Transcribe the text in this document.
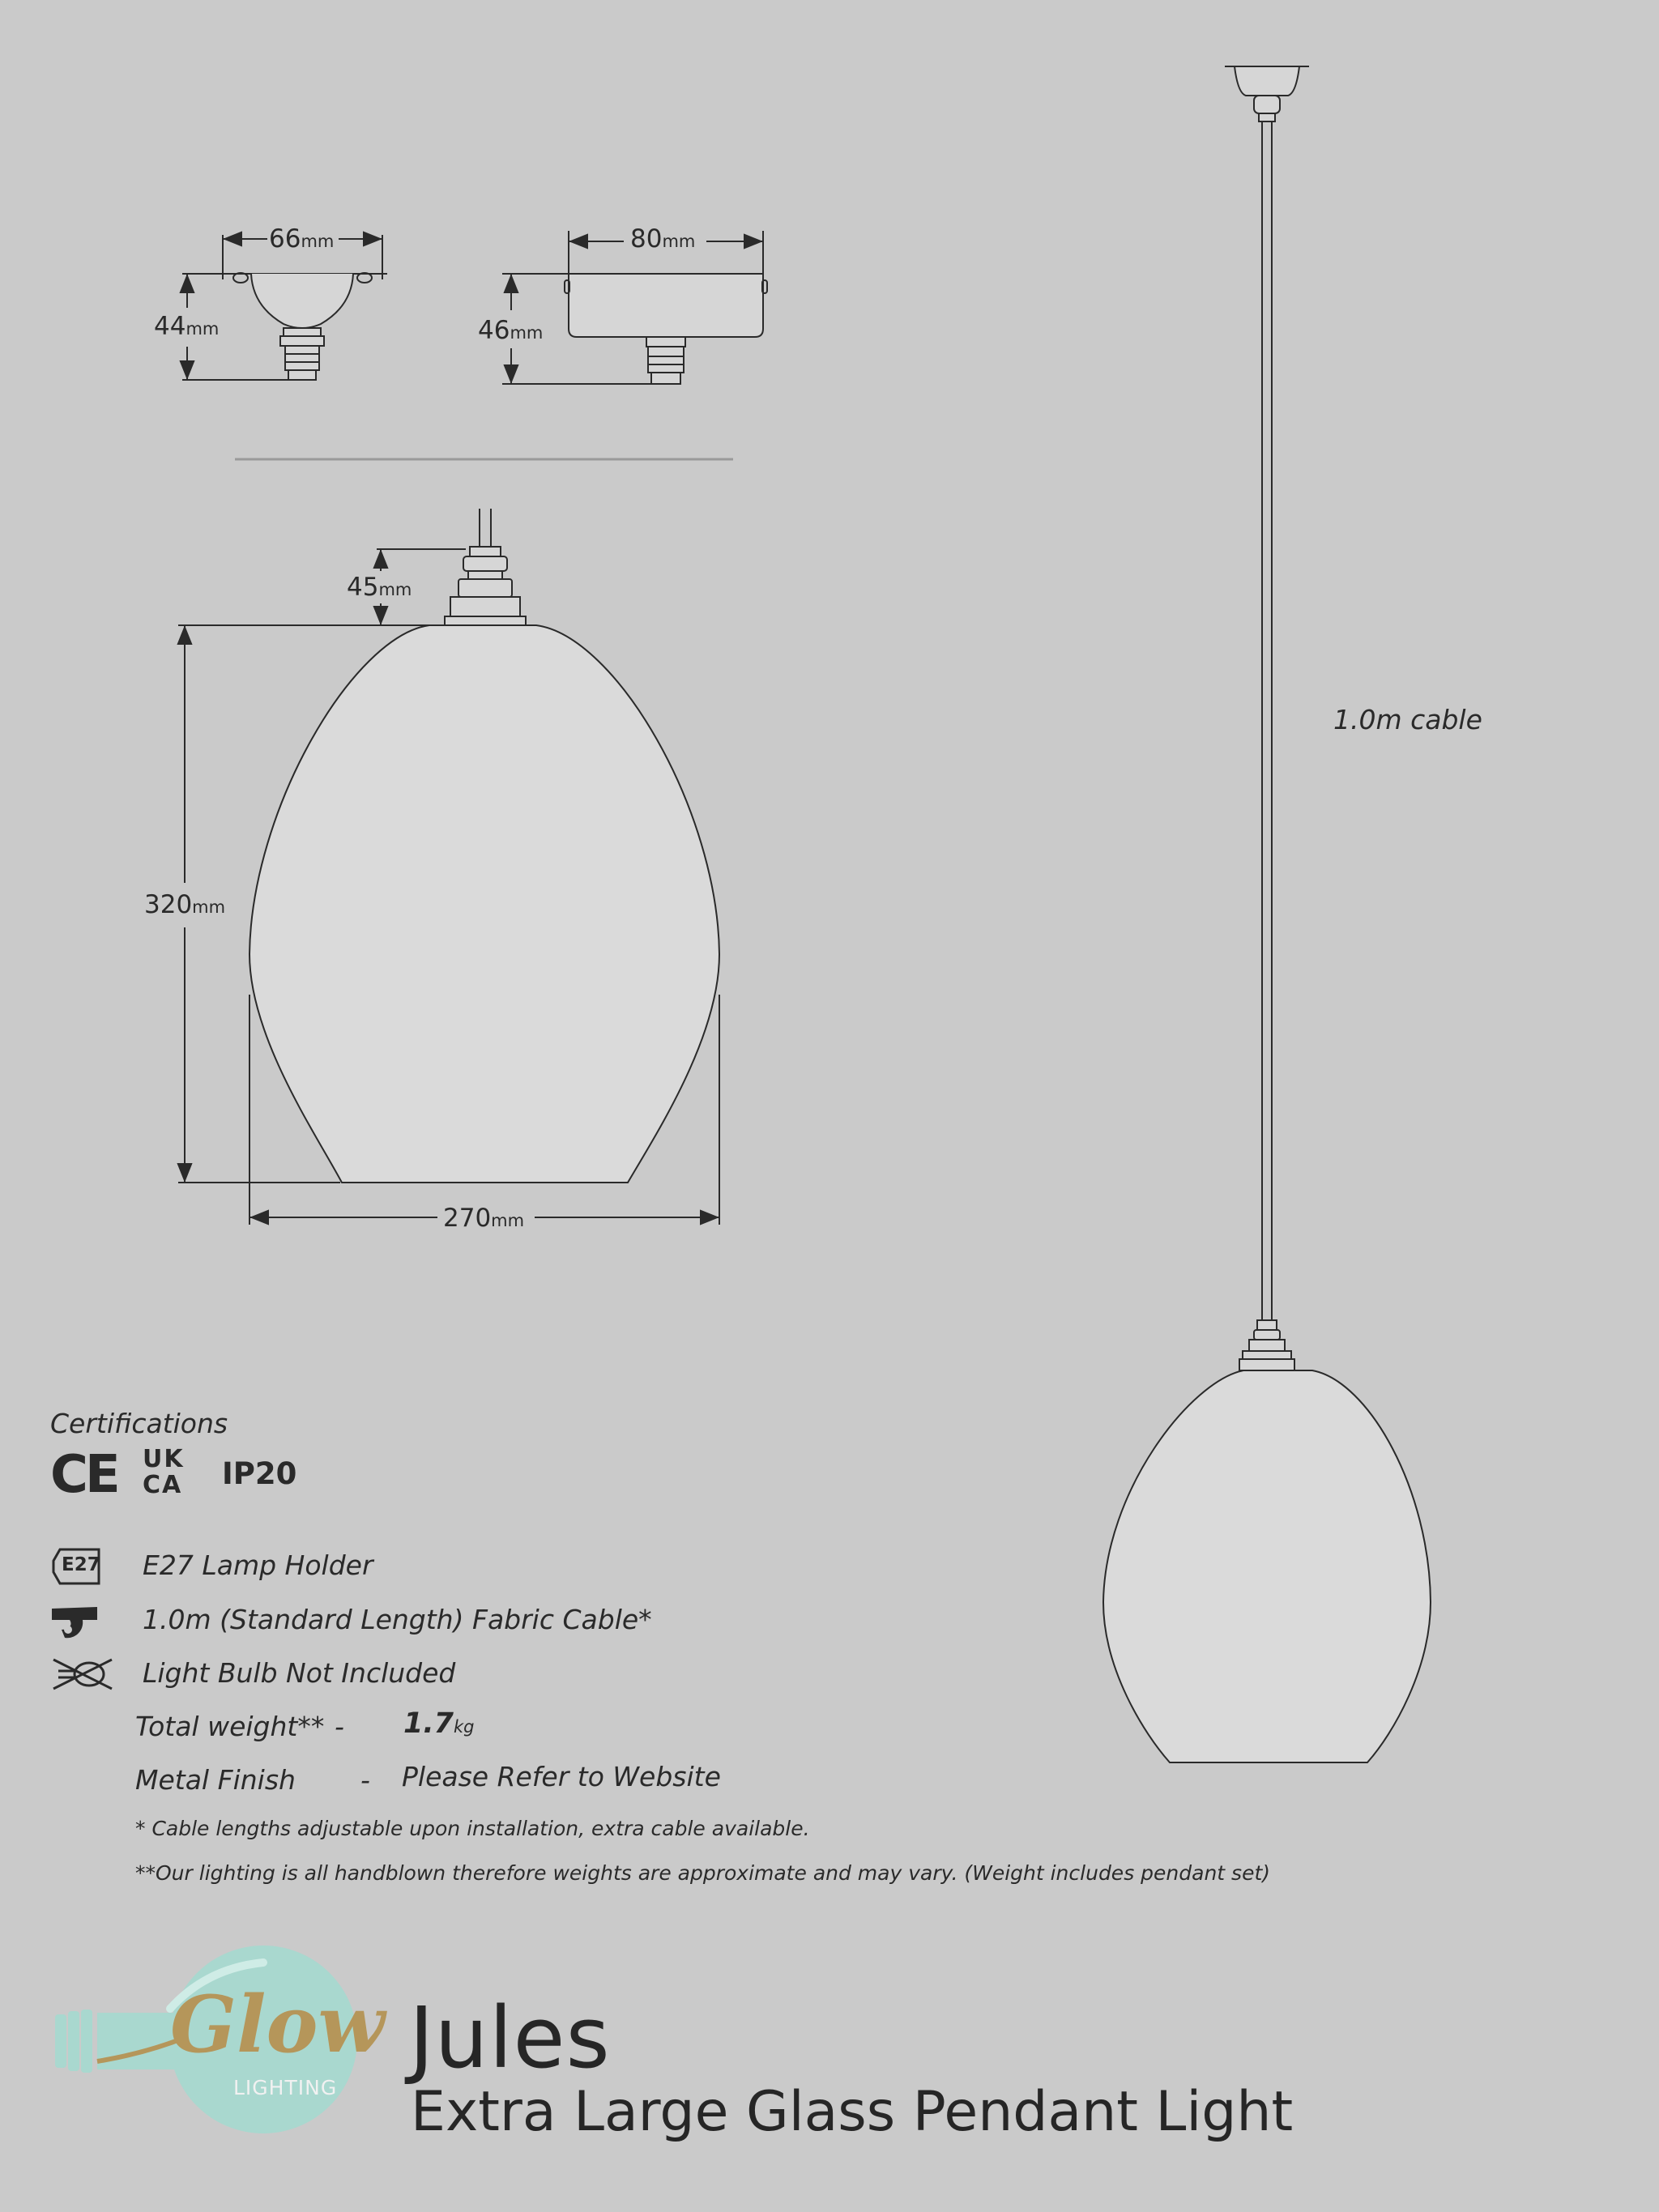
66mm
44mm
80mm
46mm
45mm
320mm
270mm
1.0m cable
Certifications
CE UK
CA	IP20
E27 E27 Lamp Holder
1.0m (Standard Length) Fabric Cable*
Light Bulb Not Included
Total weight** - 1.7kg
Metal Finish - Please Refer to Website
* Cable lengths adjustable upon installation, extra cable available.
**Our lighting is all handblown therefore weights are approximate and may vary. (Weight includes pendant set)
Glow
LIGHTING
Jules
Extra Large Glass Pendant Light
